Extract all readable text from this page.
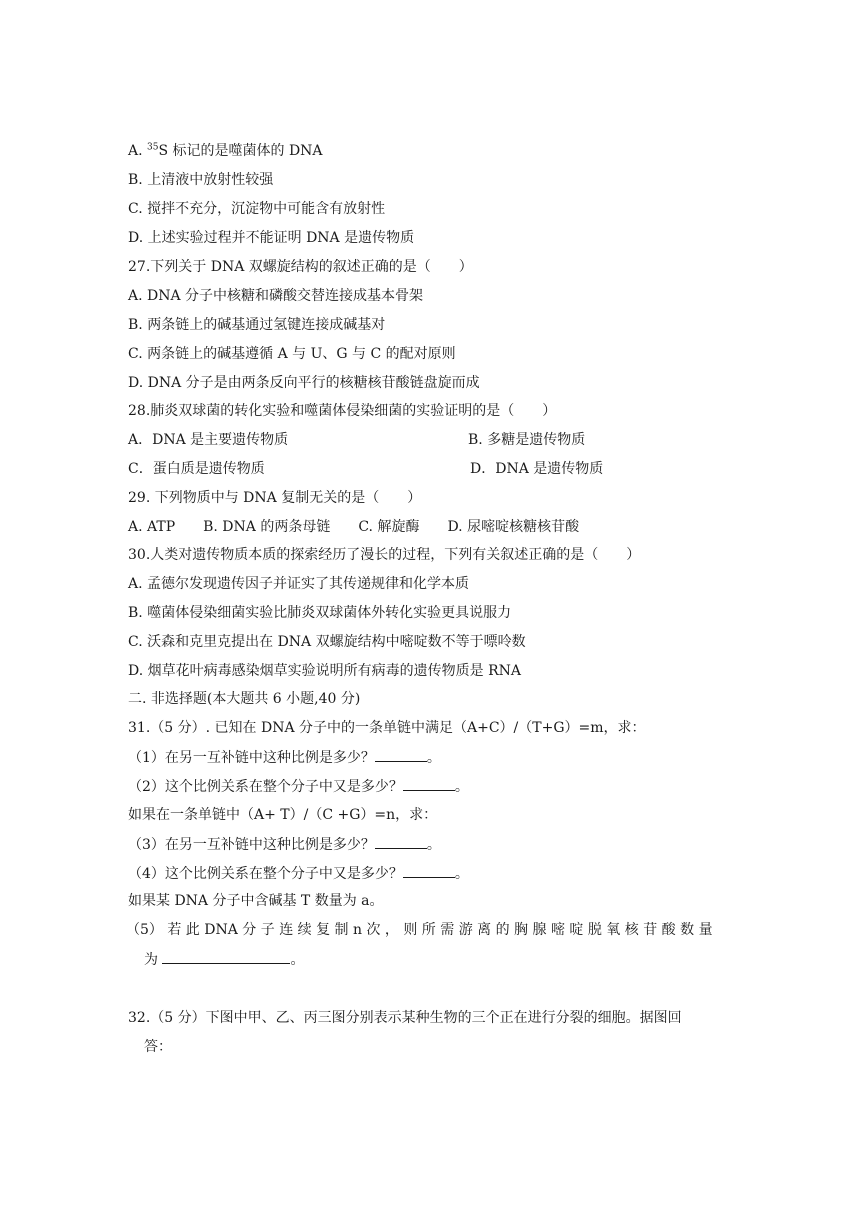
A. $^{35}$S 标记的是噬菌体的 DNA
B. 上清液中放射性较强
C. 搅拌不充分，沉淀物中可能含有放射性
D. 上述实验过程并不能证明 DNA 是遗传物质
27.下列关于 DNA 双螺旋结构的叙述正确的是（　　）
A. DNA 分子中核糖和磷酸交替连接成基本骨架
B. 两条链上的碱基通过氢键连接成碱基对
C. 两条链上的碱基遵循 A 与 U、G 与 C 的配对原则
D. DNA 分子是由两条反向平行的核糖核苷酸链盘旋而成
28.肺炎双球菌的转化实验和噬菌体侵染细菌的实验证明的是（　　）
A．DNA 是主要遗传物质	B. 多糖是遗传物质
C．蛋白质是遗传物质	D．DNA 是遗传物质
29. 下列物质中与 DNA 复制无关的是（　　）
A. ATP　　B. DNA 的两条母链　　C. 解旋酶　　D. 尿嘧啶核糖核苷酸
30.人类对遗传物质本质的探索经历了漫长的过程，下列有关叙述正确的是（　　）
A. 孟德尔发现遗传因子并证实了其传递规律和化学本质
B. 噬菌体侵染细菌实验比肺炎双球菌体外转化实验更具说服力
C. 沃森和克里克提出在 DNA 双螺旋结构中嘧啶数不等于嘌呤数
D. 烟草花叶病毒感染烟草实验说明所有病毒的遗传物质是 RNA
二. 非选择题(本大题共 6 小题,40 分)
31.（5 分）. 已知在 DNA 分子中的一条单链中满足（A+C）/（T+G）=m，求：
（1）在另一互补链中这种比例是多少？	。
（2）这个比例关系在整个分子中又是多少？	。
如果在一条单链中（A+ T）/（C +G）=n，求：
（3）在另一互补链中这种比例是多少？	。
（4）这个比例关系在整个分子中又是多少？	。
如果某 DNA 分子中含碱基 T 数量为 a。
（5） 若 此 DNA 分 子 连 续 复 制 n 次 ， 则 所 需 游 离 的 胸 腺 嘧 啶 脱 氧 核 苷 酸 数 量
为	。
32.（5 分）下图中甲、乙、丙三图分别表示某种生物的三个正在进行分裂的细胞。据图回
答：
